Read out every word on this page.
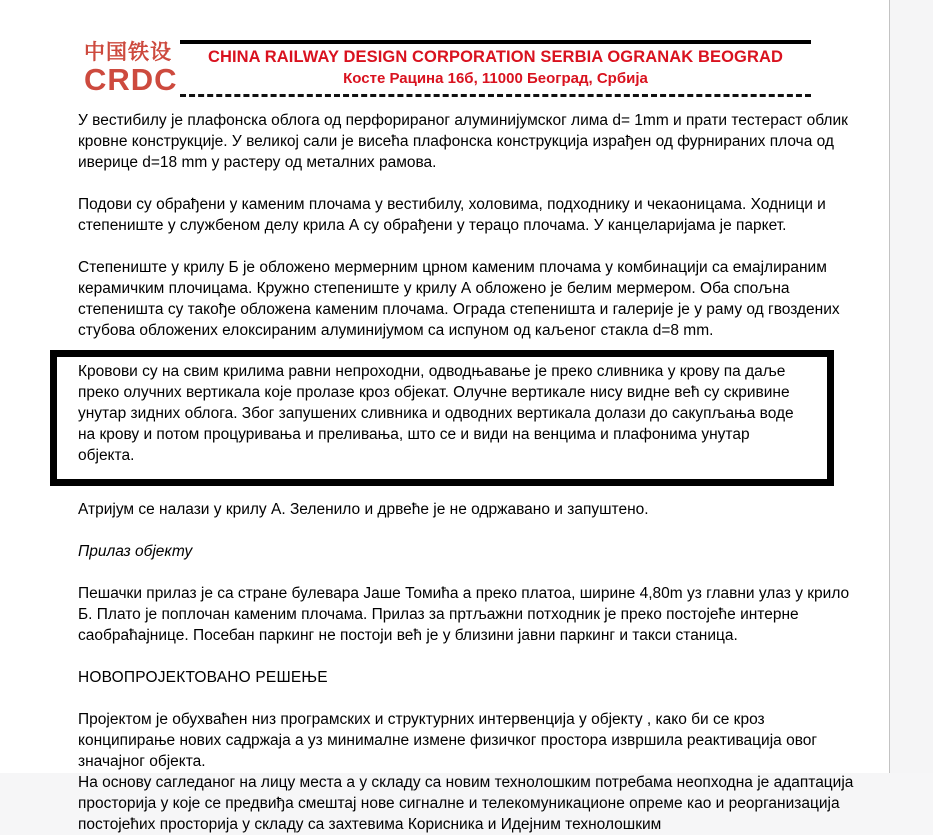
中国铁设
CRDC
CHINA RAILWAY DESIGN CORPORATION SERBIA OGRANAK BEOGRAD
Косте Рацина 16б, 11000 Београд, Србија

У вестибилу је плафонска облога од перфорираног алуминијумског лима d= 1mm и прати тестераст облик кровне конструкције. У великој сали је висећа плафонска конструкција израђен од фурнираних плоча од иверице d=18 mm у растеру од металних рамова.

Подови су обрађени у каменим плочама у вестибилу, холовима, подходнику и чекаоницама. Ходници и степениште у службеном делу крила А су обрађени у терацо плочама. У канцеларијама је паркет.

Степениште у крилу Б је обложено мермерним црном каменим плочама у комбинацији са емајлираним керамичким плочицама. Кружно степениште у крилу А обложено је белим мермером. Оба спољна степеништа су такође обложена каменим плочама. Ограда степеништа и галерије је у раму од гвоздених стубова обложених елоксираним алуминијумом са испуном од каљеног стакла d=8 mm.

Кровови су на свим крилима равни непроходни, одводњавање је преко сливника у крову па даље преко олучних вертикала које пролазе кроз објекат. Олучне вертикале нису видне већ су скривине унутар зидних облога. Због запушених сливника и одводних вертикала долази до сакупљања воде на крову и потом процуривања и преливања, што се и види на венцима и плафонима унутар објекта.

Атријум се налази у крилу А. Зеленило и дрвеће је не одржавано и запуштено.

Прилаз објекту

Пешачки прилаз је са стране булевара Јаше Томића а преко платоа, ширине 4,80m уз главни улаз у крило Б. Плато је поплочан каменим плочама. Прилаз за пртљажни потходник је преко постојеће интерне саобраћајнице. Посебан паркинг не постоји већ је у близини јавни паркинг и такси станица.

НОВОПРОЈЕКТОВАНО РЕШЕЊЕ

Пројектом је обухваћен низ програмских и структурних интервенција у објекту , како би се кроз конципирање нових садржаја а уз минималне измене физичког простора извршила реактивација овог значајног објекта.

На основу сагледаног на лицу места а у складу са новим технолошким потребама неопходна је адаптација просторија у које се предвиђа смештај нове сигналне и телекомуникационе опреме као и реорганизација постојећих просторија у складу са захтевима Корисника и Идејним технолошким
